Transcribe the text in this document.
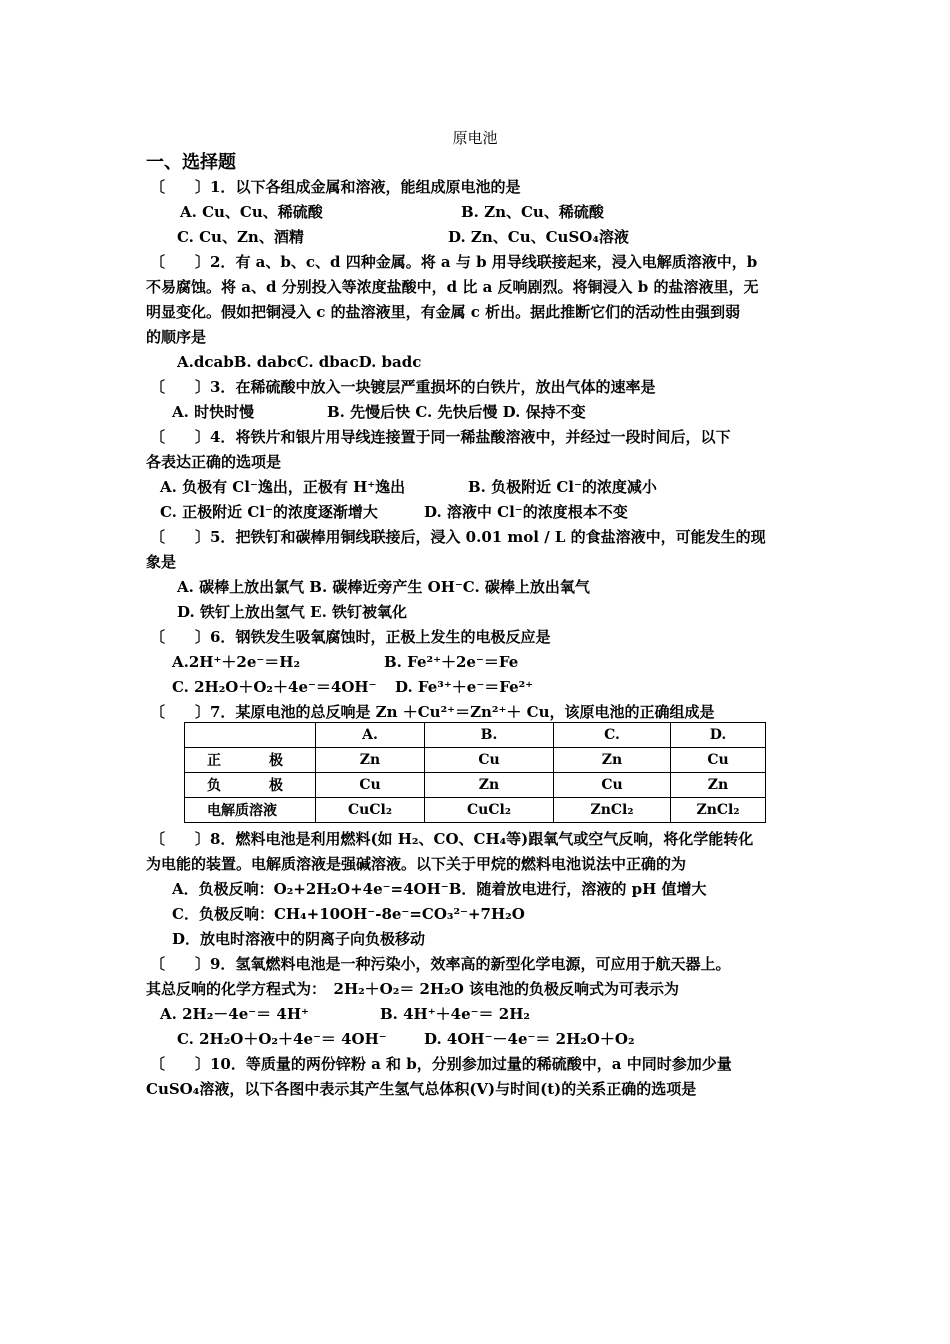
原电池
一、选择题
〔　　〕1．以下各组成金属和溶液，能组成原电池的是
A. Cu、Cu、稀硫酸	B. Zn、Cu、稀硫酸
C. Cu、Zn、酒精	D. Zn、Cu、CuSO₄溶液
〔　　〕2．有 a、b、c、d 四种金属。将 a 与 b 用导线联接起来，浸入电解质溶液中，b
不易腐蚀。将 a、d 分别投入等浓度盐酸中，d 比 a 反响剧烈。将铜浸入 b 的盐溶液里，无
明显变化。假如把铜浸入 c 的盐溶液里，有金属 c 析出。据此推断它们的活动性由强到弱
的顺序是
A.dcabB. dabcC. dbacD. badc
〔　　〕3．在稀硫酸中放入一块镀层严重损坏的白铁片，放出气体的速率是
A. 时快时慢	B. 先慢后快 C. 先快后慢 D. 保持不变
〔　　〕4．将铁片和银片用导线连接置于同一稀盐酸溶液中，并经过一段时间后，以下
各表达正确的选项是
A. 负极有 Cl⁻逸出，正极有 H⁺逸出	B. 负极附近 Cl⁻的浓度减小
C. 正极附近 Cl⁻的浓度逐渐增大	D. 溶液中 Cl⁻的浓度根本不变
〔　　〕5．把铁钉和碳棒用铜线联接后，浸入 0.01 mol / L 的食盐溶液中，可能发生的现
象是
A. 碳棒上放出氯气 B. 碳棒近旁产生 OH⁻C. 碳棒上放出氧气
D. 铁钉上放出氢气 E. 铁钉被氧化
〔　　〕6．钢铁发生吸氧腐蚀时，正极上发生的电极反应是
A.2H⁺＋2e⁻＝H₂	B. Fe²⁺＋2e⁻＝Fe
C. 2H₂O＋O₂＋4e⁻＝4OH⁻ D. Fe³⁺＋e⁻＝Fe²⁺
〔　　〕7．某原电池的总反响是 Zn ＋Cu²⁺＝Zn²⁺＋ Cu，该原电池的正确组成是
	A.	B.	C.	D.
正 极	Zn	Cu	Zn	Cu
负 极	Cu	Zn	Cu	Zn
电解质溶液	CuCl₂	CuCl₂	ZnCl₂	ZnCl₂
〔　　〕8．燃料电池是利用燃料(如 H₂、CO、CH₄等)跟氧气或空气反响，将化学能转化
为电能的装置。电解质溶液是强碱溶液。以下关于甲烷的燃料电池说法中正确的为
A．负极反响：O₂+2H₂O+4e⁻=4OH⁻B．随着放电进行，溶液的 pH 值增大
C．负极反响：CH₄+10OH⁻-8e⁻=CO₃²⁻+7H₂O
D．放电时溶液中的阴离子向负极移动
〔　　〕9．氢氧燃料电池是一种污染小，效率高的新型化学电源，可应用于航天器上。
其总反响的化学方程式为：　2H₂＋O₂＝ 2H₂O 该电池的负极反响式为可表示为
A. 2H₂－4e⁻＝ 4H⁺	B. 4H⁺＋4e⁻＝ 2H₂
C. 2H₂O＋O₂＋4e⁻＝ 4OH⁻ D. 4OH⁻－4e⁻＝ 2H₂O＋O₂
〔　　〕10．等质量的两份锌粉 a 和 b，分别参加过量的稀硫酸中，a 中同时参加少量
CuSO₄溶液，以下各图中表示其产生氢气总体积(V)与时间(t)的关系正确的选项是
